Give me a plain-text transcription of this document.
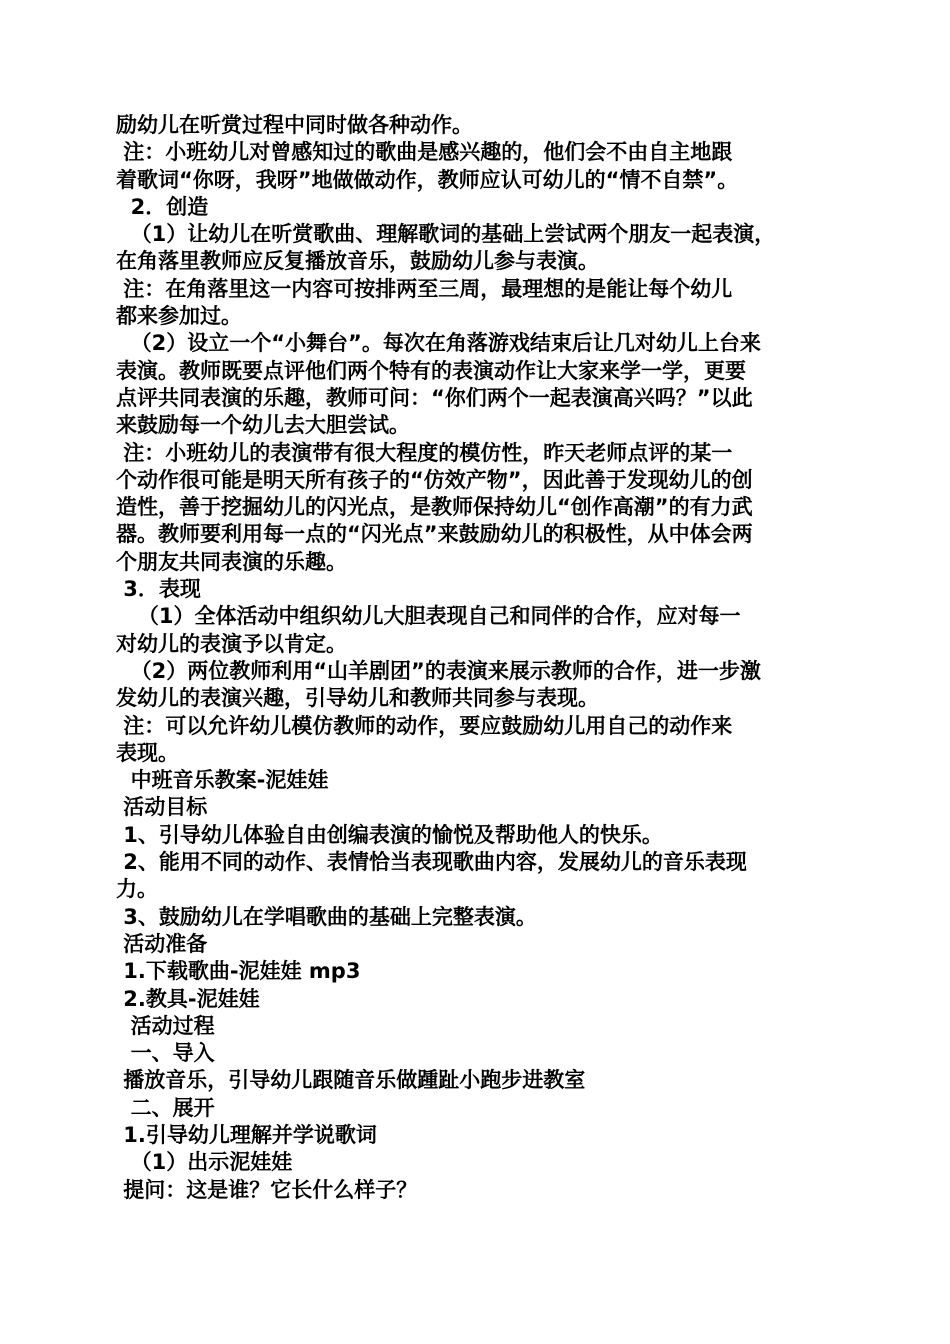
励幼儿在听赏过程中同时做各种动作。
注：小班幼儿对曾感知过的歌曲是感兴趣的，他们会不由自主地跟
着歌词“你呀，我呀”地做做动作，教师应认可幼儿的“情不自禁”。
2．创造
（1）让幼儿在听赏歌曲、理解歌词的基础上尝试两个朋友一起表演，
在角落里教师应反复播放音乐，鼓励幼儿参与表演。
注：在角落里这一内容可按排两至三周，最理想的是能让每个幼儿
都来参加过。
（2）设立一个“小舞台”。每次在角落游戏结束后让几对幼儿上台来
表演。教师既要点评他们两个特有的表演动作让大家来学一学，更要
点评共同表演的乐趣，教师可问：“你们两个一起表演高兴吗？”以此
来鼓励每一个幼儿去大胆尝试。
注：小班幼儿的表演带有很大程度的模仿性，昨天老师点评的某一
个动作很可能是明天所有孩子的“仿效产物”，因此善于发现幼儿的创
造性，善于挖掘幼儿的闪光点，是教师保持幼儿“创作高潮”的有力武
器。教师要利用每一点的“闪光点”来鼓励幼儿的积极性，从中体会两
个朋友共同表演的乐趣。
3．表现
（1）全体活动中组织幼儿大胆表现自己和同伴的合作，应对每一
对幼儿的表演予以肯定。
（2）两位教师利用“山羊剧团”的表演来展示教师的合作，进一步激
发幼儿的表演兴趣，引导幼儿和教师共同参与表现。
注：可以允许幼儿模仿教师的动作，要应鼓励幼儿用自己的动作来
表现。
中班音乐教案-泥娃娃
活动目标
1、引导幼儿体验自由创编表演的愉悦及帮助他人的快乐。
2、能用不同的动作、表情恰当表现歌曲内容，发展幼儿的音乐表现
力。
3、鼓励幼儿在学唱歌曲的基础上完整表演。
活动准备
1.下载歌曲-泥娃娃 mp3
2.教具-泥娃娃
活动过程
一、导入
播放音乐，引导幼儿跟随音乐做踵趾小跑步进教室
二、展开
1.引导幼儿理解并学说歌词
（1）出示泥娃娃
提问：这是谁？它长什么样子？
